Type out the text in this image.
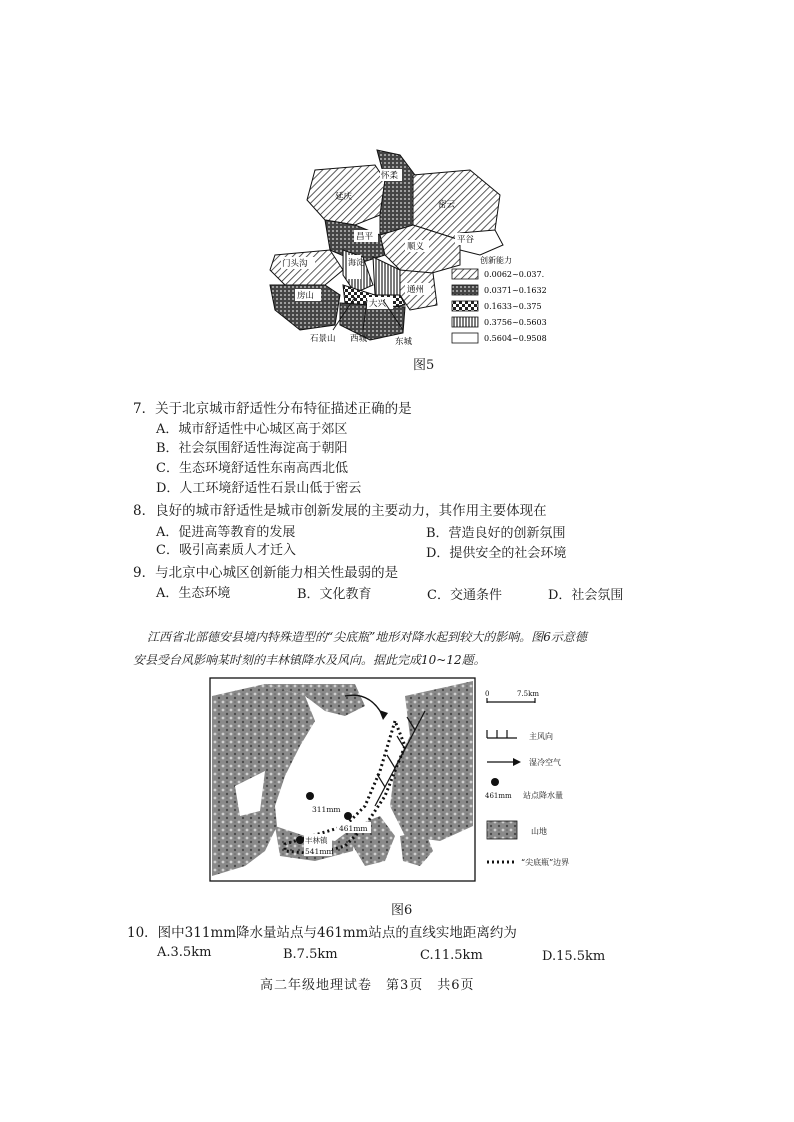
怀柔
延庆
密云
平谷
昌平
顺义
门头沟	海淀
通州
房山
大兴
石景山 西城	东城
创新能力
0.0062~0.037.
0.0371~0.1632
0.1633~0.375
0.3756~0.5603
0.5604~0.9508
图5
7．关于北京城市舒适性分布特征描述正确的是
A．城市舒适性中心城区高于郊区
B．社会氛围舒适性海淀高于朝阳
C．生态环境舒适性东南高西北低
D．人工环境舒适性石景山低于密云
8．良好的城市舒适性是城市创新发展的主要动力，其作用主要体现在
A．促进高等教育的发展	B．营造良好的创新氛围
C．吸引高素质人才迁入	D．提供安全的社会环境
9．与北京中心城区创新能力相关性最弱的是
A．生态环境	B．文化教育	C．交通条件	D．社会氛围
江西省北部德安县境内特殊造型的“尖底瓶”地形对降水起到较大的影响。图6示意德
安县受台风影响某时刻的丰林镇降水及风向。据此完成10~12题。
311mm
461mm
丰林镇
541mm
0	7.5km
主风向
湿冷空气
461mm 站点降水量
山地
“尖底瓶”边界
图6
10．图中311mm降水量站点与461mm站点的直线实地距离约为
A.3.5km	B.7.5km	C.11.5km	D.15.5km
高二年级地理试卷　第3页　共6页
